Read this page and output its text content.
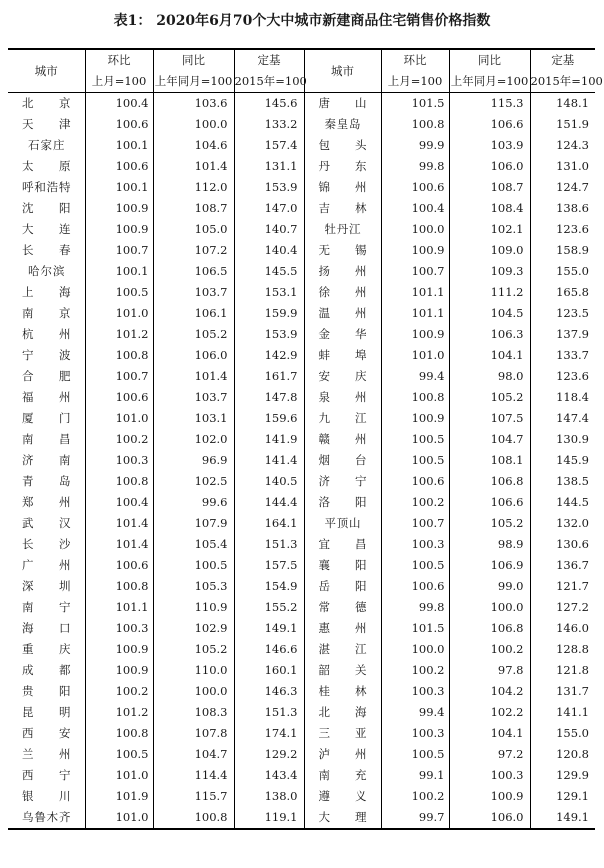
表1： 2020年6月70个大中城市新建商品住宅销售价格指数
城市	环比	同比	定基	城市	环比	同比	定基
	上月=100	上年同月=100	2015年=100		上月=100	上年同月=100	2015年=100
北　京	100.4	103.6	145.6	唐　山	101.5	115.3	148.1
天　津	100.6	100.0	133.2	秦皇岛	100.8	106.6	151.9
石家庄	100.1	104.6	157.4	包　头	99.9	103.9	124.3
太　原	100.6	101.4	131.1	丹　东	99.8	106.0	131.0
呼和浩特	100.1	112.0	153.9	锦　州	100.6	108.7	124.7
沈　阳	100.9	108.7	147.0	吉　林	100.4	108.4	138.6
大　连	100.9	105.0	140.7	牡丹江	100.0	102.1	123.6
长　春	100.7	107.2	140.4	无　锡	100.9	109.0	158.9
哈尔滨	100.1	106.5	145.5	扬　州	100.7	109.3	155.0
上　海	100.5	103.7	153.1	徐　州	101.1	111.2	165.8
南　京	101.0	106.1	159.9	温　州	101.1	104.5	123.5
杭　州	101.2	105.2	153.9	金　华	100.9	106.3	137.9
宁　波	100.8	106.0	142.9	蚌　埠	101.0	104.1	133.7
合　肥	100.7	101.4	161.7	安　庆	99.4	98.0	123.6
福　州	100.6	103.7	147.8	泉　州	100.8	105.2	118.4
厦　门	101.0	103.1	159.6	九　江	100.9	107.5	147.4
南　昌	100.2	102.0	141.9	赣　州	100.5	104.7	130.9
济　南	100.3	96.9	141.4	烟　台	100.5	108.1	145.9
青　岛	100.8	102.5	140.5	济　宁	100.6	106.8	138.5
郑　州	100.4	99.6	144.4	洛　阳	100.2	106.6	144.5
武　汉	101.4	107.9	164.1	平顶山	100.7	105.2	132.0
长　沙	101.4	105.4	151.3	宜　昌	100.3	98.9	130.6
广　州	100.6	100.5	157.5	襄　阳	100.5	106.9	136.7
深　圳	100.8	105.3	154.9	岳　阳	100.6	99.0	121.7
南　宁	101.1	110.9	155.2	常　德	99.8	100.0	127.2
海　口	100.3	102.9	149.1	惠　州	101.5	106.8	146.0
重　庆	100.9	105.2	146.6	湛　江	100.0	100.2	128.8
成　都	100.9	110.0	160.1	韶　关	100.2	97.8	121.8
贵　阳	100.2	100.0	146.3	桂　林	100.3	104.2	131.7
昆　明	101.2	108.3	151.3	北　海	99.4	102.2	141.1
西　安	100.8	107.8	174.1	三　亚	100.3	104.1	155.0
兰　州	100.5	104.7	129.2	泸　州	100.5	97.2	120.8
西　宁	101.0	114.4	143.4	南　充	99.1	100.3	129.9
银　川	101.9	115.7	138.0	遵　义	100.2	100.9	129.1
乌鲁木齐	101.0	100.8	119.1	大　理	99.7	106.0	149.1
